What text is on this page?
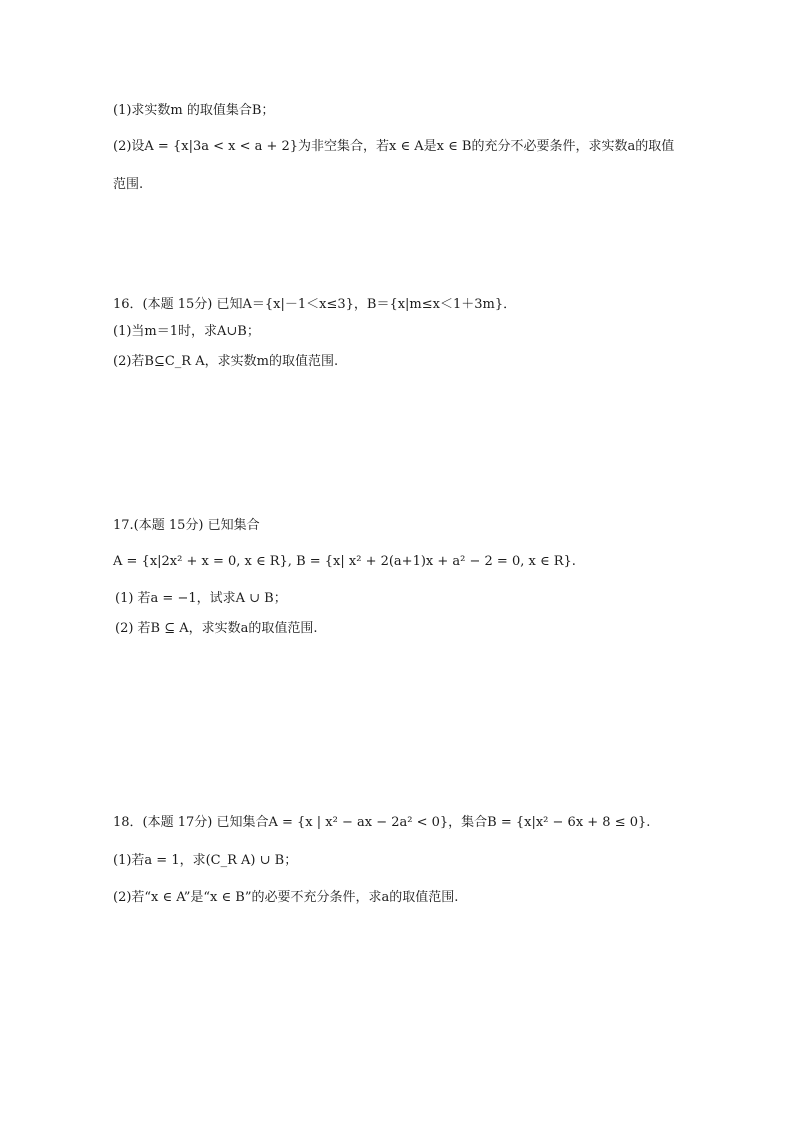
(1)求实数m 的取值集合B；
(2)设A = {x|3a < x < a + 2}为非空集合，若x ∈ A是x ∈ B的充分不必要条件，求实数a的取值
范围.
16．(本题 15分) 已知A＝{x|－1＜x≤3}，B＝{x|m≤x＜1＋3m}．
(1)当m＝1时，求A∪B；
(2)若B⊆C_R A，求实数m的取值范围.
17.(本题 15分) 已知集合
A = {x|2x² + x = 0, x ∈ R}, B = {x| x² + 2(a+1)x + a² − 2 = 0, x ∈ R}.
(1) 若a = −1，试求A ∪ B；
(2) 若B ⊆ A，求实数a的取值范围.
18．(本题 17分) 已知集合A = {x | x² − ax − 2a² < 0}，集合B = {x|x² − 6x + 8 ≤ 0}.
(1)若a = 1，求(C_R A) ∪ B；
(2)若“x ∈ A”是“x ∈ B”的必要不充分条件，求a的取值范围.
